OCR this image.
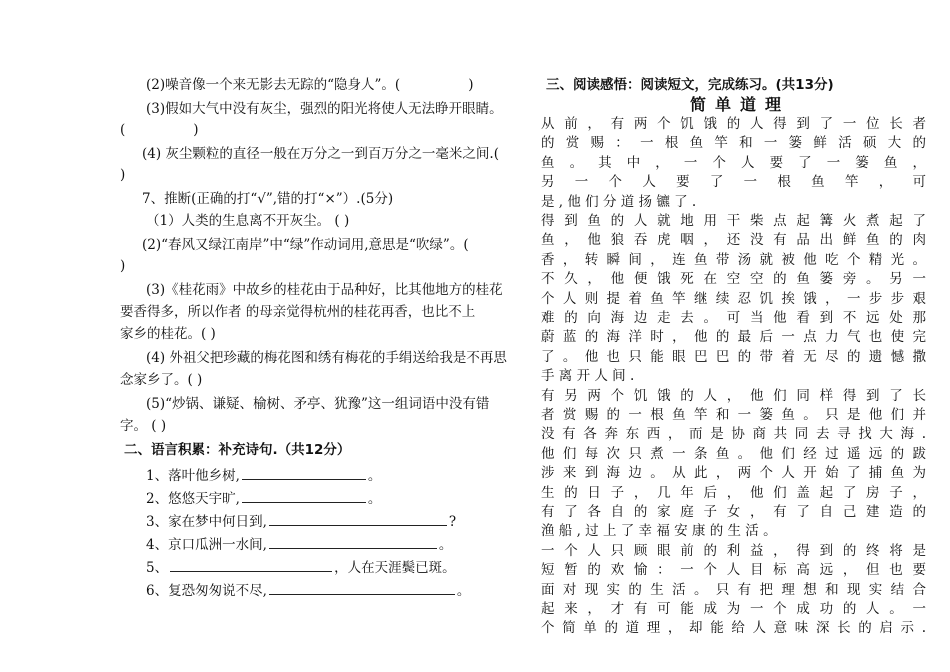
(2)噪音像一个来无影去无踪的“隐身人”。(	)
(3)假如大气中没有灰尘，强烈的阳光将使人无法睁开眼睛。
(	)
(4) 灰尘颗粒的直径一般在万分之一到百万分之一毫米之间.(
)
7、推断(正确的打“√”,错的打“×”）.(5分)
（1）人类的生息离不开灰尘。 ( )
(2)“春风又绿江南岸”中“绿”作动词用,意思是“吹绿”。(
)
(3)《桂花雨》中故乡的桂花由于品种好，比其他地方的桂花
要香得多，所以作者 的母亲觉得杭州的桂花再香，也比不上
家乡的桂花。( )
(4) 外祖父把珍藏的梅花图和绣有梅花的手绢送给我是不再思
念家乡了。( )
(5)“炒锅、谦疑、榆树、矛亭、犹豫”这一组词语中没有错
字。 ( )
二、语言积累：补充诗句.（共12分）
1、落叶他乡树,	。
2、悠悠天宇旷,	。
3、家在梦中何日到,	?
4、京口瓜洲一水间,	。
5、	，人在天涯鬓已斑。
6、复恐匆匆说不尽,	。
三、阅读感悟：阅读短文，完成练习。(共13分)
简单道理
从 前 ， 有 两 个 饥 饿 的 人 得 到 了 一 位 长 者
的 赏 赐 ： 一 根 鱼 竿 和 一 篓 鲜 活 硕 大 的
鱼 。 其 中 ， 一 个 人 要 了 一 篓 鱼 ，
另 一 个 人 要 了 一 根 鱼 竿 ， 可
是 , 他 们 分 道 扬 镳 了 .
得 到 鱼 的 人 就 地 用 干 柴 点 起 篝 火 煮 起 了
鱼 ， 他 狼 吞 虎 咽 ， 还 没 有 品 出 鲜 鱼 的 肉
香 ， 转 瞬 间 ， 连 鱼 带 汤 就 被 他 吃 个 精 光 。
不 久 ， 他 便 饿 死 在 空 空 的 鱼 篓 旁 。 另 一
个 人 则 提 着 鱼 竿 继 续 忍 饥 挨 饿 ， 一 步 步 艰
难 的 向 海 边 走 去 。 可 当 他 看 到 不 远 处 那
蔚 蓝 的 海 洋 时 ， 他 的 最 后 一 点 力 气 也 使 完
了 。 他 也 只 能 眼 巴 巴 的 带 着 无 尽 的 遗 憾 撒
手 离 开 人 间 .
有 另 两 个 饥 饿 的 人 ， 他 们 同 样 得 到 了 长
者 赏 赐 的 一 根 鱼 竿 和 一 篓 鱼 。 只 是 他 们 并
没 有 各 奔 东 西 ， 而 是 协 商 共 同 去 寻 找 大 海 .
他 们 每 次 只 煮 一 条 鱼 。 他 们 经 过 遥 远 的 跋
涉 来 到 海 边 。 从 此 ， 两 个 人 开 始 了 捕 鱼 为
生 的 日 子 ， 几 年 后 ， 他 们 盖 起 了 房 子 ，
有 了 各 自 的 家 庭 子 女 ， 有 了 自 己 建 造 的
渔 船 , 过 上 了 幸 福 安 康 的 生 活 。
一 个 人 只 顾 眼 前 的 利 益 ， 得 到 的 终 将 是
短 暂 的 欢 愉 ： 一 个 人 目 标 高 远 ， 但 也 要
面 对 现 实 的 生 活 。 只 有 把 理 想 和 现 实 结 合
起 来 ， 才 有 可 能 成 为 一 个 成 功 的 人 。 一
个 简 单 的 道 理 ， 却 能 给 人 意 味 深 长 的 启 示 .
